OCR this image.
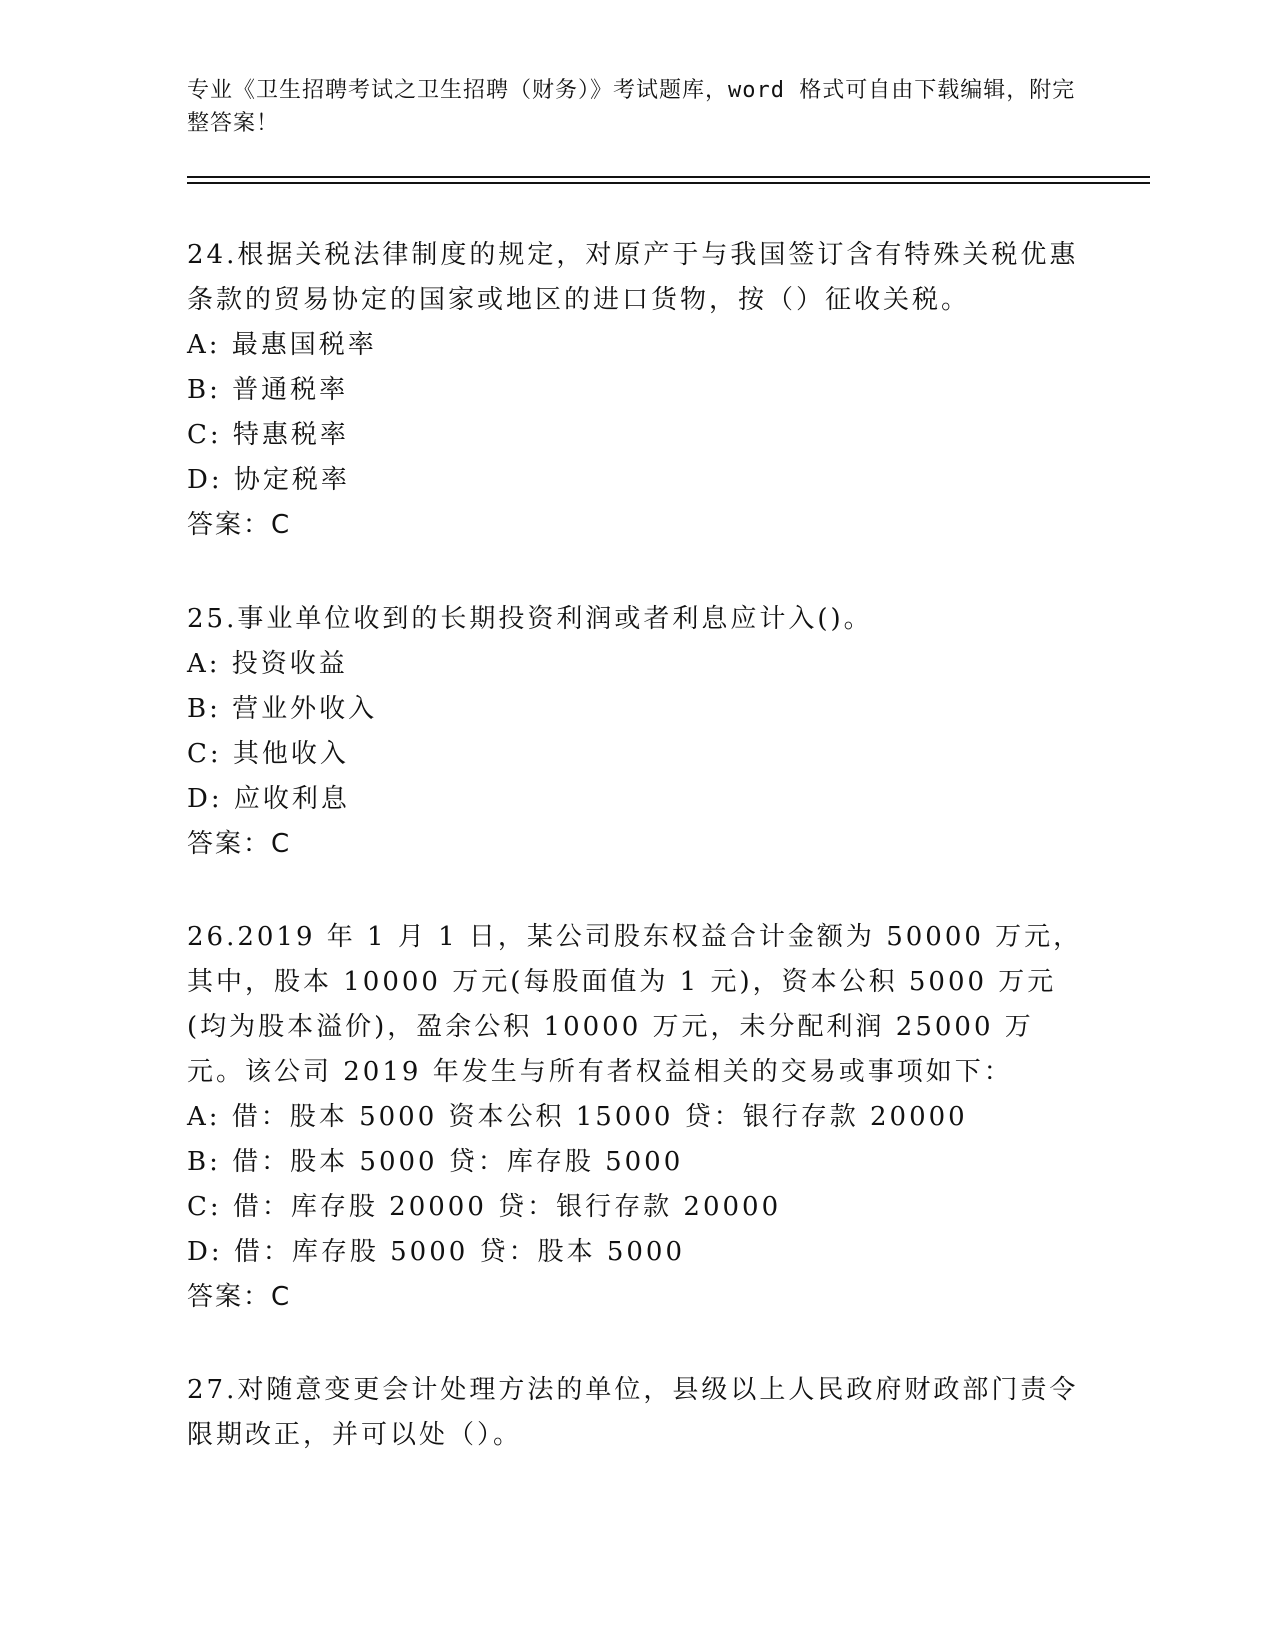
专业《卫生招聘考试之卫生招聘（财务）》考试题库，word 格式可自由下载编辑，附完整答案！

24.根据关税法律制度的规定，对原产于与我国签订含有特殊关税优惠条款的贸易协定的国家或地区的进口货物，按（）征收关税。

A: 最惠国税率

B: 普通税率

C: 特惠税率

D: 协定税率

答案：C

25.事业单位收到的长期投资利润或者利息应计入()。

A: 投资收益

B: 营业外收入

C: 其他收入

D: 应收利息

答案：C

26.2019 年 1 月 1 日，某公司股东权益合计金额为 50000 万元，其中，股本 10000 万元(每股面值为 1 元)，资本公积 5000 万元(均为股本溢价)，盈余公积 10000 万元，未分配利润 25000 万元。该公司 2019 年发生与所有者权益相关的交易或事项如下：

A: 借：股本 5000 资本公积 15000 贷：银行存款 20000

B: 借：股本 5000 贷：库存股 5000

C: 借：库存股 20000 贷：银行存款 20000

D: 借：库存股 5000 贷：股本 5000

答案：C

27.对随意变更会计处理方法的单位，县级以上人民政府财政部门责令限期改正，并可以处（）。
